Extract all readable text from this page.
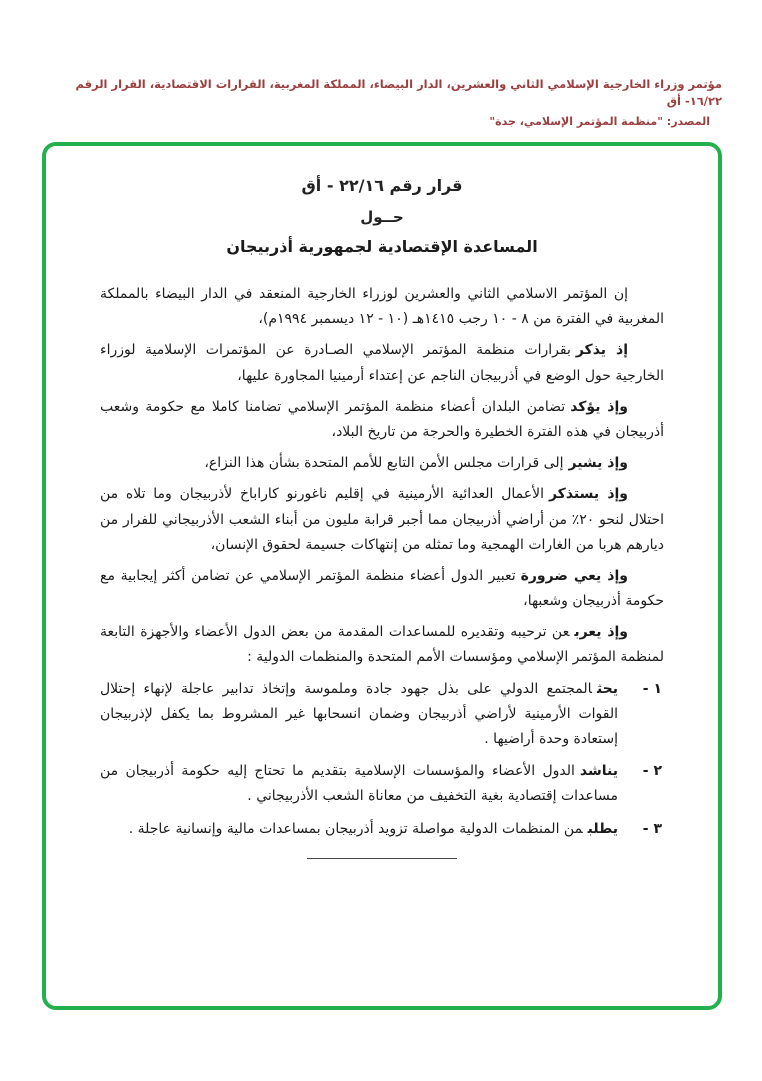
مؤتمر وزراء الخارجية الإسلامي الثاني والعشرين، الدار البيضاء، المملكة المغربية، القرارات الاقتصادية، القرار الرقم ١٦/٢٢- أق
المصدر: "منظمة المؤتمر الإسلامي، جدة"
قرار رقم ٢٢/١٦ - أق
حــول
المساعدة الإقتصادية لجمهورية أذربيجان

إن المؤتمر الاسلامي الثاني والعشرين لوزراء الخارجية المنعقد في الدار البيضاء بالمملكة المغربية في الفترة من ٨ - ١٠ رجب ١٤١٥هـ (١٠ - ١٢ ديسمبر ١٩٩٤م)،

إذ يذكربقرارات منظمة المؤتمر الإسلامي الصـادرة عن المؤتمرات الإسلامية لوزراء الخارجية حول الوضع في أذربيجان الناجم عن إعتداء أرمينيا المجاورة عليها،

وإذ يؤكدتضامن البلدان أعضاء منظمة المؤتمر الإسلامي تضامنا كاملا مع حكومة وشعب أذربيجان في هذه الفترة الخطيرة والحرجة من تاريخ البلاد،

وإذ يشيرإلى قرارات مجلس الأمن التابع للأمم المتحدة بشأن هذا النزاع،

وإذ يستذكرالأعمال العدائية الأرمينية في إقليم ناغورنو كاراباخ لأذربيجان وما تلاه من احتلال لنحو ٢٠٪ من أراضي أذربيجان مما أجبر قرابة مليون من أبناء الشعب الأذربيجاني للفرار من ديارهم هربا من الغارات الهمجية وما تمثله من إنتهاكات جسيمة لحقوق الإنسان،

وإذ يعي ضرورةتعبير الدول أعضاء منظمة المؤتمر الإسلامي عن تضامن أكثر إيجابية مع حكومة أذربيجان وشعبها،

وإذ يعربعن ترحيبه وتقديره للمساعدات المقدمة من بعض الدول الأعضاء والأجهزة التابعة لمنظمة المؤتمر الإسلامي ومؤسسات الأمم المتحدة والمنظمات الدولية :

١ -
يحثالمجتمع الدولي على بذل جهود جادة وملموسة وإتخاذ تدابير عاجلة لإنهاء إحتلال القوات الأرمينية لأراضي أذربيجان وضمان انسحابها غير المشروط بما يكفل لإذربيجان إستعادة وحدة أراضيها .
٢ -
يناشدالدول الأعضاء والمؤسسات الإسلامية بتقديم ما تحتاج إليه حكومة أذربيجان من مساعدات إقتصادية بغية التخفيف من معاناة الشعب الأذربيجاني .
٣ -
يطلبمن المنظمات الدولية مواصلة تزويد أذربيجان بمساعدات مالية وإنسانية عاجلة .
